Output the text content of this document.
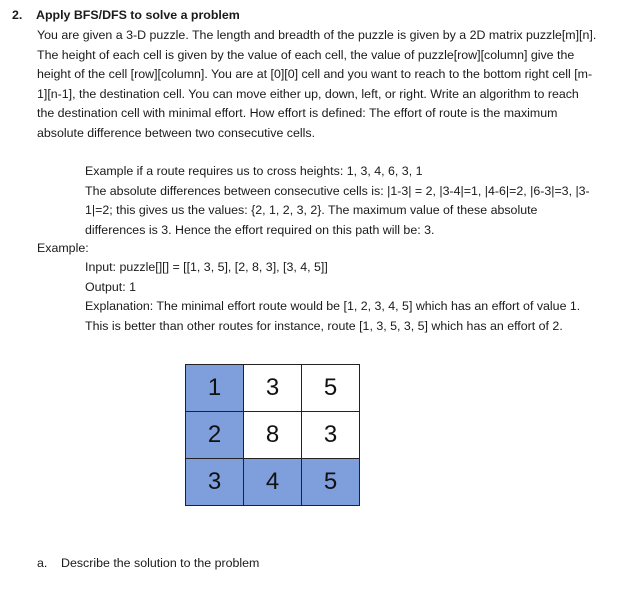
2. Apply BFS/DFS to solve a problem
You are given a 3-D puzzle. The length and breadth of the puzzle is given by a 2D matrix puzzle[m][n]. The height of each cell is given by the value of each cell, the value of puzzle[row][column] give the height of the cell [row][column]. You are at [0][0] cell and you want to reach to the bottom right cell [m-1][n-1], the destination cell. You can move either up, down, left, or right. Write an algorithm to reach the destination cell with minimal effort. How effort is defined: The effort of route is the maximum absolute difference between two consecutive cells.
Example if a route requires us to cross heights: 1, 3, 4, 6, 3, 1
The absolute differences between consecutive cells is: |1-3| = 2, |3-4|=1, |4-6|=2, |6-3|=3, |3-1|=2; this gives us the values: {2, 1, 2, 3, 2}. The maximum value of these absolute differences is 3. Hence the effort required on this path will be: 3.
Example:
Input: puzzle[][] = [[1, 3, 5], [2, 8, 3], [3, 4, 5]]
Output: 1
Explanation: The minimal effort route would be [1, 2, 3, 4, 5] which has an effort of value 1. This is better than other routes for instance, route [1, 3, 5, 3, 5] which has an effort of 2.
1	3	5
2	8	3
3	4	5
a. Describe the solution to the problem
